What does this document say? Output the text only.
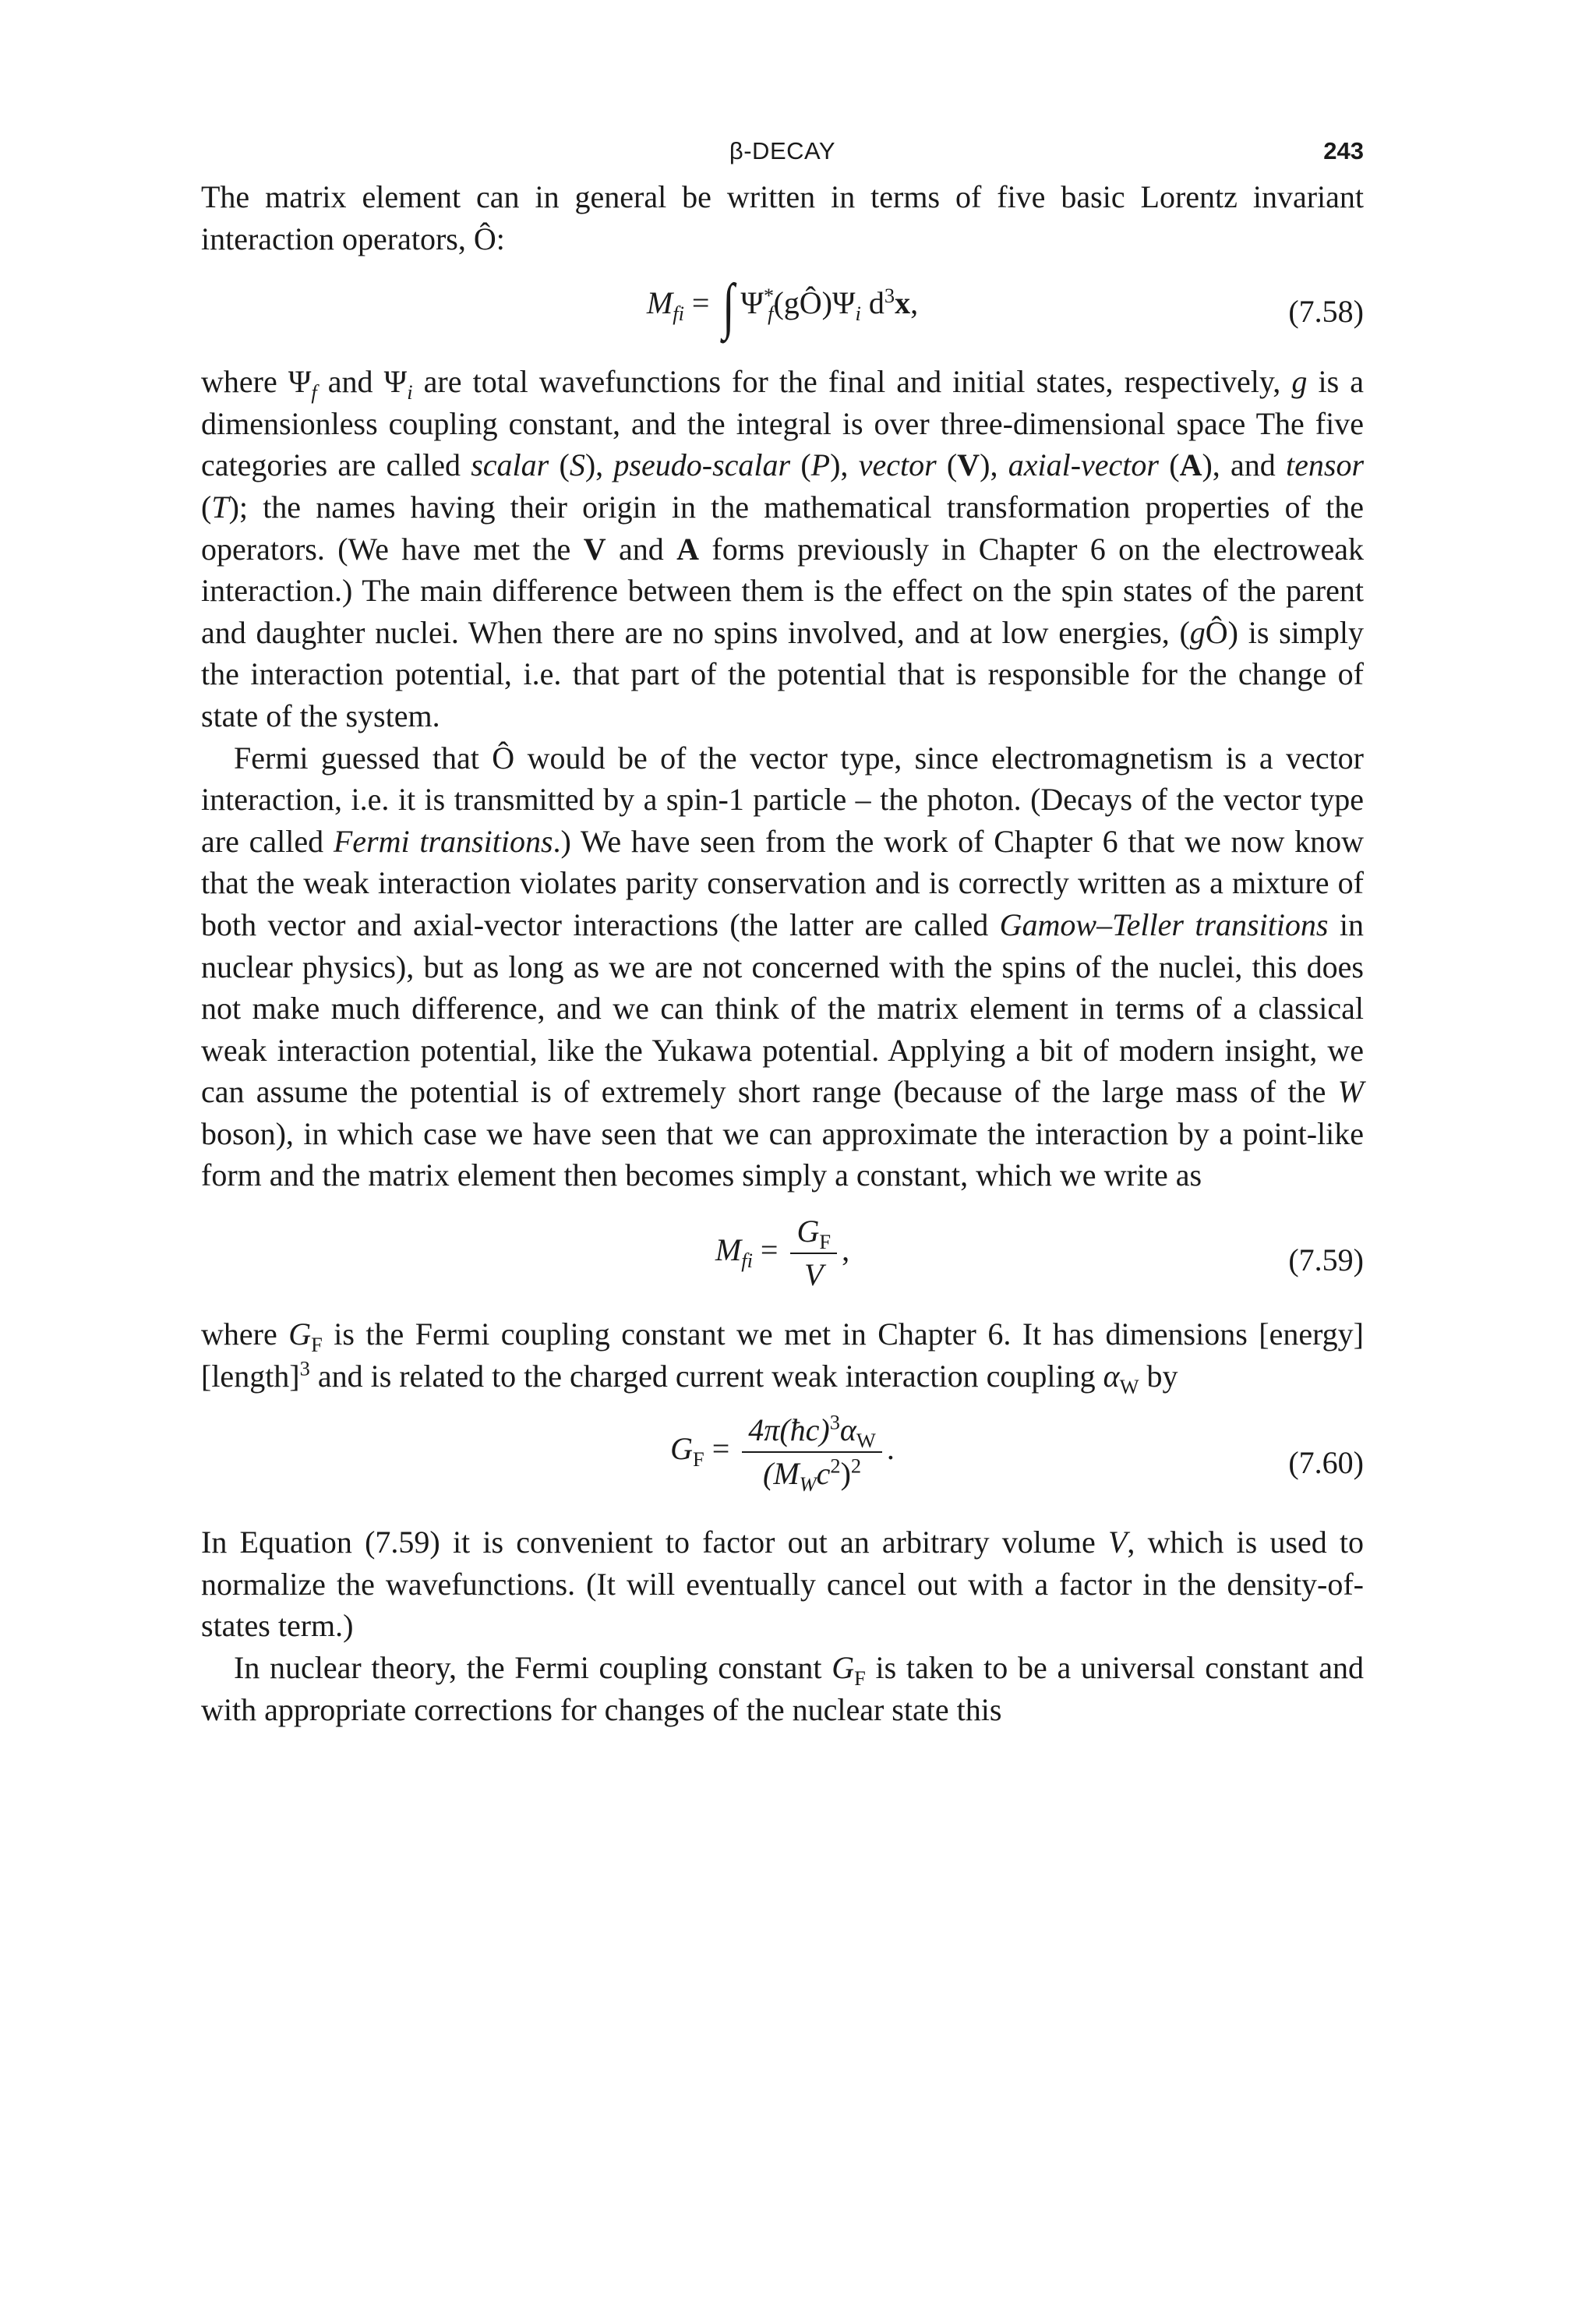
β-DECAY	243

The matrix element can in general be written in terms of five basic Lorentz invariant interaction operators, Ô:

$M_{fi}$ = ∫ $\Psi^*_f(gÔ)\Psi_i$ $d^3x$,	(7.58)

where $\Psi_f$ and $\Psi_i$ are total wavefunctions for the final and initial states, respectively, g is a dimensionless coupling constant, and the integral is over three-dimensional space The five categories are called scalar (S), pseudo-scalar (P), vector (V), axial-vector (A), and tensor (T); the names having their origin in the mathematical transformation properties of the operators. (We have met the V and A forms previously in Chapter 6 on the electroweak interaction.) The main difference between them is the effect on the spin states of the parent and daughter nuclei. When there are no spins involved, and at low energies, (gÔ) is simply the interaction potential, i.e. that part of the potential that is responsible for the change of state of the system.

Fermi guessed that Ô would be of the vector type, since electromagnetism is a vector interaction, i.e. it is transmitted by a spin-1 particle – the photon. (Decays of the vector type are called Fermi transitions.) We have seen from the work of Chapter 6 that we now know that the weak interaction violates parity conservation and is correctly written as a mixture of both vector and axial-vector interactions (the latter are called Gamow–Teller transitions in nuclear physics), but as long as we are not concerned with the spins of the nuclei, this does not make much difference, and we can think of the matrix element in terms of a classical weak interaction potential, like the Yukawa potential. Applying a bit of modern insight, we can assume the potential is of extremely short range (because of the large mass of the W boson), in which case we have seen that we can approximate the interaction by a point-like form and the matrix element then becomes simply a constant, which we write as

$M_{fi} = \frac{G_F}{V}$ ,	(7.59)

where $G_F$ is the Fermi coupling constant we met in Chapter 6. It has dimensions [energy][length]$^3$ and is related to the charged current weak interaction coupling $\alpha_W$ by

$G_F = \frac{4\pi(ħc)^3\alpha_W}{(M_Wc^2)^2}$ .	(7.60)

In Equation (7.59) it is convenient to factor out an arbitrary volume V, which is used to normalize the wavefunctions. (It will eventually cancel out with a factor in the density-of-states term.)

In nuclear theory, the Fermi coupling constant $G_F$ is taken to be a universal constant and with appropriate corrections for changes of the nuclear state this
